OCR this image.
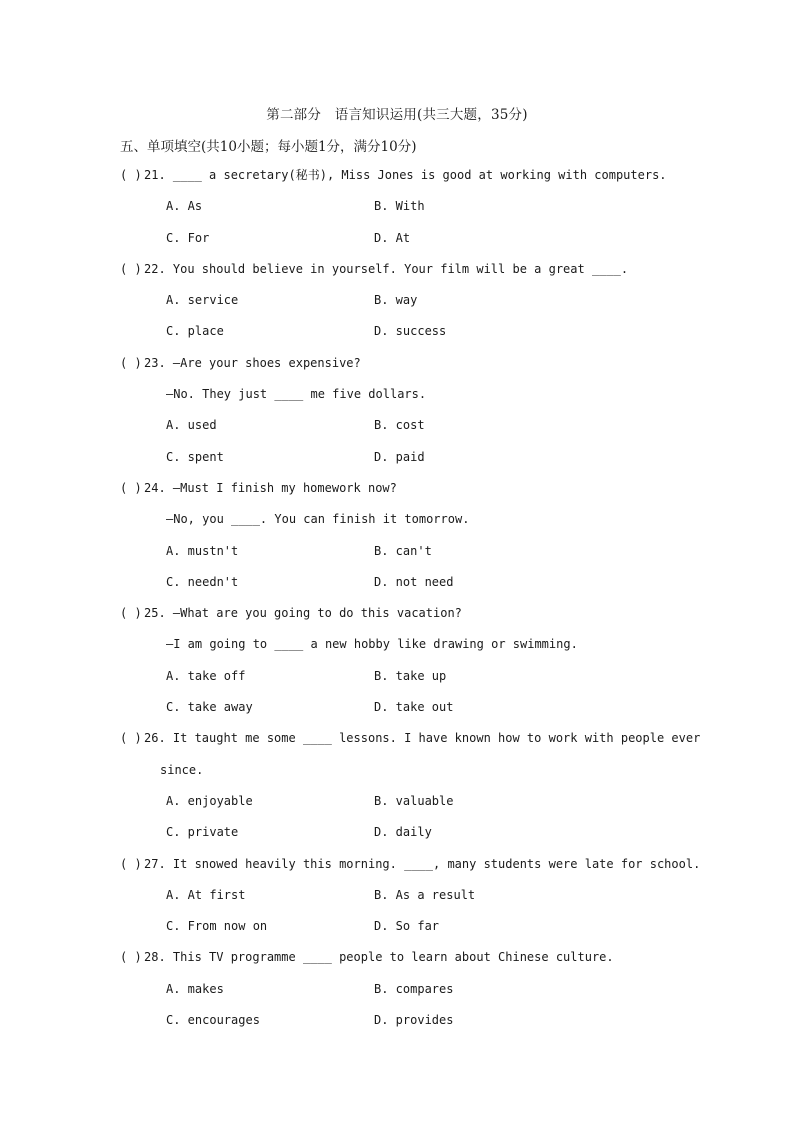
第二部分　语言知识运用(共三大题，35分)
五、单项填空(共10小题；每小题1分，满分10分)
( ) 21. ____ a secretary(秘书), Miss Jones is good at working with computers.
A. As	B. With
C. For	D. At
( ) 22. You should believe in yourself. Your film will be a great ____.
A. service	B. way
C. place	D. success
( ) 23. —Are your shoes expensive?
—No. They just ____ me five dollars.
A. used	B. cost
C. spent	D. paid
( ) 24. —Must I finish my homework now?
—No, you ____. You can finish it tomorrow.
A. mustn't	B. can't
C. needn't	D. not need
( ) 25. —What are you going to do this vacation?
—I am going to ____ a new hobby like drawing or swimming.
A. take off	B. take up
C. take away	D. take out
( ) 26. It taught me some ____ lessons. I have known how to work with people ever
since.
A. enjoyable	B. valuable
C. private	D. daily
( ) 27. It snowed heavily this morning. ____, many students were late for school.
A. At first	B. As a result
C. From now on	D. So far
( ) 28. This TV programme ____ people to learn about Chinese culture.
A. makes	B. compares
C. encourages	D. provides
